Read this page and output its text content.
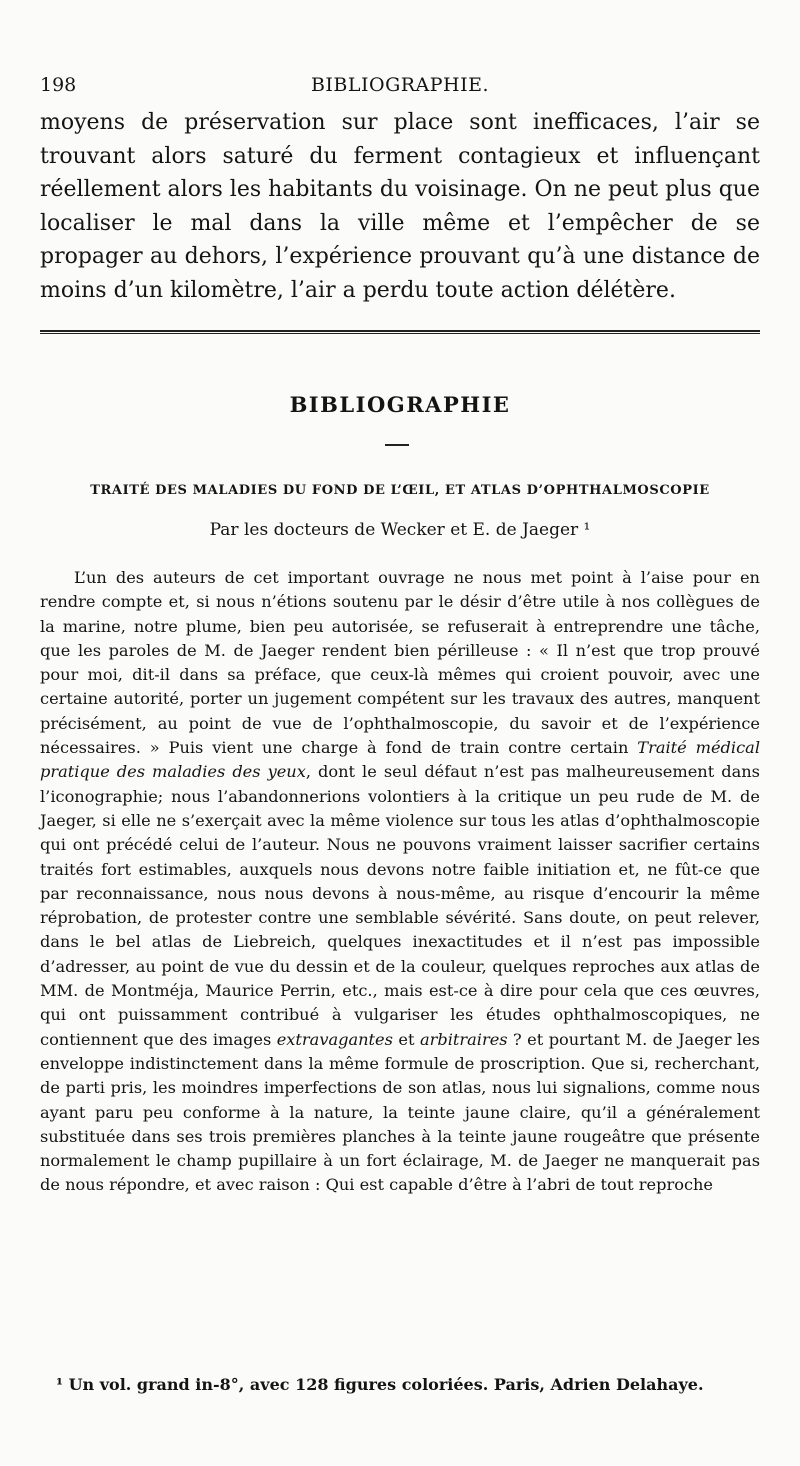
198	BIBLIOGRAPHIE.

moyens de préservation sur place sont inefficaces, l’air se trouvant alors saturé du ferment contagieux et influençant réellement alors les habitants du voisinage. On ne peut plus que localiser le mal dans la ville même et l’empêcher de se propager au dehors, l’expérience prouvant qu’à une distance de moins d’un kilomètre, l’air a perdu toute action délétère.

BIBLIOGRAPHIE
TRAITÉ DES MALADIES DU FOND DE L’ŒIL, ET ATLAS D’OPHTHALMOSCOPIE

Par les docteurs de Wecker et E. de Jaeger ¹

L’un des auteurs de cet important ouvrage ne nous met point à l’aise pour en rendre compte et, si nous n’étions soutenu par le désir d’être utile à nos collègues de la marine, notre plume, bien peu autorisée, se refuserait à entreprendre une tâche, que les paroles de M. de Jaeger rendent bien périlleuse : « Il n’est que trop prouvé pour moi, dit-il dans sa préface, que ceux-là mêmes qui croient pouvoir, avec une certaine autorité, porter un jugement compétent sur les travaux des autres, manquent précisément, au point de vue de l’ophthalmoscopie, du savoir et de l’expérience nécessaires. » Puis vient une charge à fond de train contre certain Traité médical pratique des maladies des yeux, dont le seul défaut n’est pas malheureusement dans l’iconographie; nous l’abandonnerions volontiers à la critique un peu rude de M. de Jaeger, si elle ne s’exerçait avec la même violence sur tous les atlas d’ophthalmoscopie qui ont précédé celui de l’auteur. Nous ne pouvons vraiment laisser sacrifier certains traités fort estimables, auxquels nous devons notre faible initiation et, ne fût-ce que par reconnaissance, nous nous devons à nous-même, au risque d’encourir la même réprobation, de protester contre une semblable sévérité. Sans doute, on peut relever, dans le bel atlas de Liebreich, quelques inexactitudes et il n’est pas impossible d’adresser, au point de vue du dessin et de la couleur, quelques reproches aux atlas de MM. de Montméja, Maurice Perrin, etc., mais est-ce à dire pour cela que ces œuvres, qui ont puissamment contribué à vulgariser les études ophthalmoscopiques, ne contiennent que des images extravagantes et arbitraires ? et pourtant M. de Jaeger les enveloppe indistinctement dans la même formule de proscription. Que si, recherchant, de parti pris, les moindres imperfections de son atlas, nous lui signalions, comme nous ayant paru peu conforme à la nature, la teinte jaune claire, qu’il a généralement substituée dans ses trois premières planches à la teinte jaune rougeâtre que présente normalement le champ pupillaire à un fort éclairage, M. de Jaeger ne manquerait pas de nous répondre, et avec raison : Qui est capable d’être à l’abri de tout reproche

¹ Un vol. grand in-8°, avec 128 figures coloriées. Paris, Adrien Delahaye.
